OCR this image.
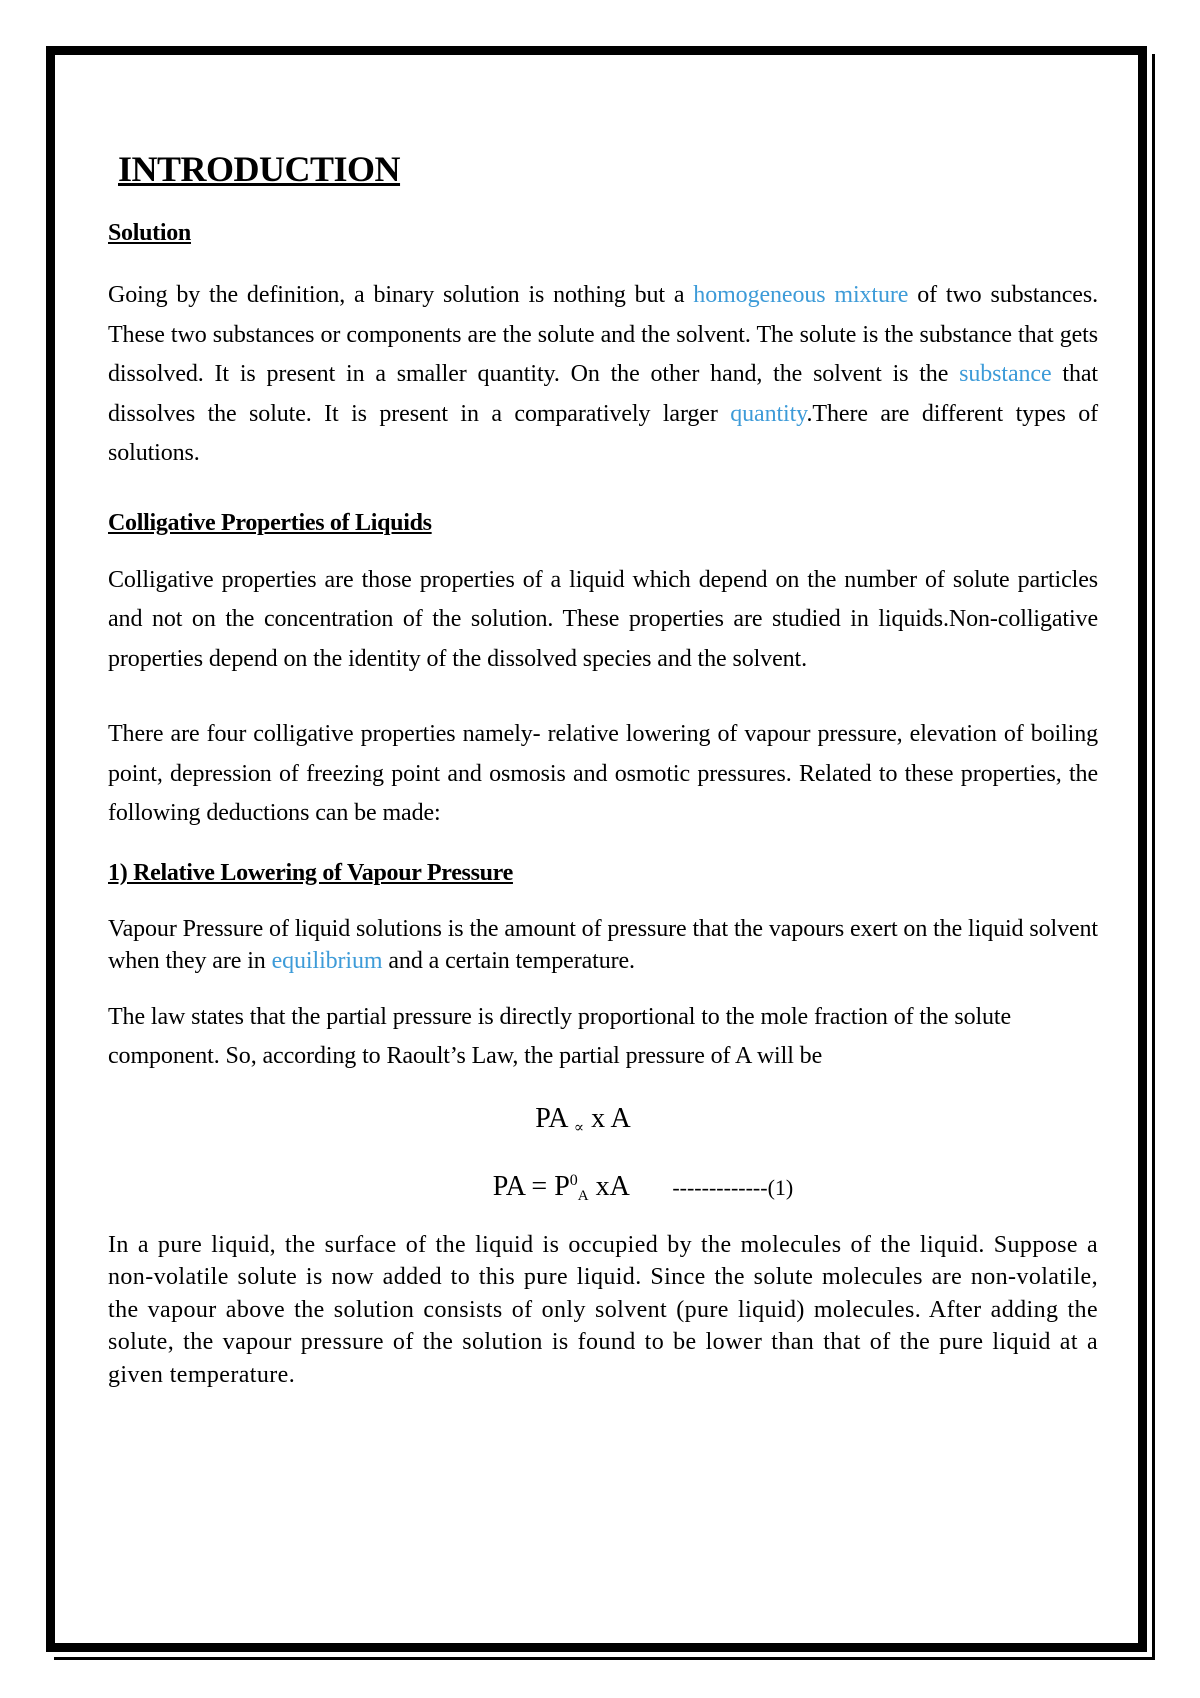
INTRODUCTION

Solution

Going by the definition, a binary solution is nothing but a homogeneous mixture of two substances. These two substances or components are the solute and the solvent. The solute is the substance that gets dissolved. It is present in a smaller quantity. On the other hand, the solvent is the substance that dissolves the solute. It is present in a comparatively larger quantity.There are different types of solutions.

Colligative Properties of Liquids

Colligative properties are those properties of a liquid which depend on the number of solute particles and not on the concentration of the solution. These properties are studied in liquids.Non-colligative properties depend on the identity of the dissolved species and the solvent.

There are four colligative properties namely- relative lowering of vapour pressure, elevation of boiling point, depression of freezing point and osmosis and osmotic pressures. Related to these properties, the following deductions can be made:

1) Relative Lowering of Vapour Pressure

Vapour Pressure of liquid solutions is the amount of pressure that the vapours exert on the liquid solvent when they are in equilibrium and a certain temperature.

The law states that the partial pressure is directly proportional to the mole fraction of the solute component. So, according to Raoult’s Law, the partial pressure of A will be

PA $_\propto$ x A

PA = $P^0_A$ xA -------------(1)

In a pure liquid, the surface of the liquid is occupied by the molecules of the liquid. Suppose a non-volatile solute is now added to this pure liquid. Since the solute molecules are non-volatile, the vapour above the solution consists of only solvent (pure liquid) molecules. After adding the solute, the vapour pressure of the solution is found to be lower than that of the pure liquid at a given temperature.
